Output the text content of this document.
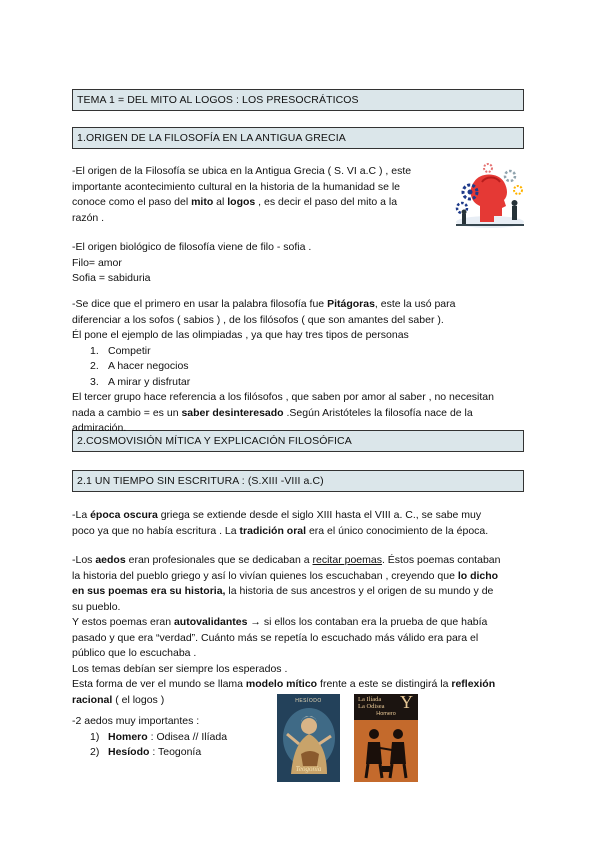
TEMA 1 = DEL MITO AL LOGOS : LOS PRESOCRÁTICOS
1.ORIGEN DE LA FILOSOFÍA EN LA ANTIGUA GRECIA
2.COSMOVISIÓN MÍTICA Y EXPLICACIÓN FILOSÓFICA
2.1 UN TIEMPO SIN ESCRITURA : (S.XIII -VIII a.C)

-El origen de la Filosofía se ubica en la Antigua Grecia ( S. VI a.C ) , este

importante acontecimiento cultural en la historia de la humanidad se le

conoce como el paso del mito al logos , es decir el paso del mito a la

razón .

-El origen biológico de filosofía viene de filo - sofia .

Filo= amor

Sofia = sabiduria

-Se dice que el primero en usar la palabra filosofía fue Pitágoras, este la usó para

diferenciar a los sofos ( sabios ) , de los filósofos ( que son amantes del saber ).

Él pone el ejemplo de las olimpiadas , ya que hay tres tipos de personas

1. Competir
2. A hacer negocios
3. A mirar y disfrutar

El tercer grupo hace referencia a los filósofos , que saben por amor al saber , no necesitan

nada a cambio = es un saber desinteresado .Según Aristóteles la filosofía nace de la

admiración.

-La época oscura griega se extiende desde el siglo XIII hasta el VIII a. C., se sabe muy

poco ya que no había escritura . La tradición oral era el único conocimiento de la época.

-Los aedos eran profesionales que se dedicaban a recitar poemas. Éstos poemas contaban

la historia del pueblo griego y así lo vivían quienes los escuchaban , creyendo que lo dicho

en sus poemas era su historia, la historia de sus ancestros y el origen de su mundo y de

su pueblo.

Y estos poemas eran autovalidantes → si ellos los contaban era la prueba de que había

pasado y que era “verdad”. Cuánto más se repetía lo escuchado más válido era para el

público que lo escuchaba .

Los temas debían ser siempre los esperados .

Esta forma de ver el mundo se llama modelo mítico frente a este se distingirá la reflexión

racional ( el logos )

-2 aedos muy importantes :

1) Homero : Odisea // Ilíada
2) Hesíodo : Teogonía
HESÍODO
Teogonía
La Ilíada
La Odisea Y
Homero
